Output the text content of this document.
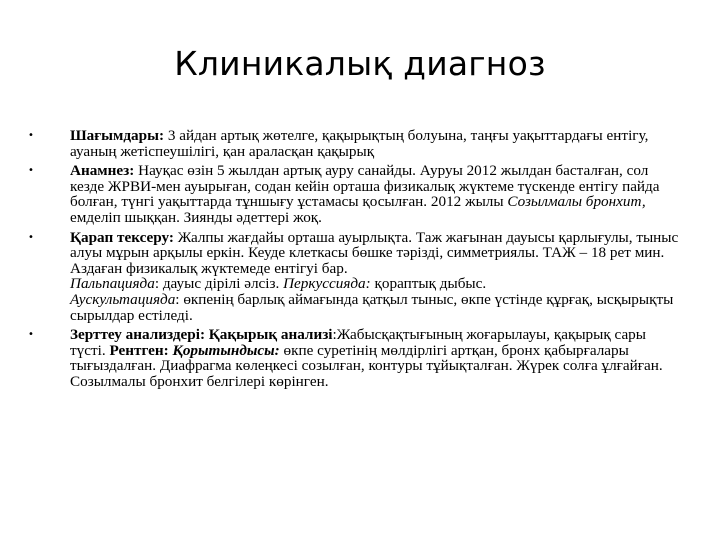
Клиникалық диагноз
• Шағымдары: 3 айдан артық жөтелге, қақырықтың болуына, таңғы уақыттардағы ентігу, ауаның жетіспеушілігі, қан араласқан қақырық
• Анамнез: Науқас өзін 5 жылдан артық ауру санайды. Ауруы 2012 жылдан басталған, сол кезде ЖРВИ-мен ауырыған, содан кейін орташа физикалық жүктеме түскенде ентігу пайда болған, түнгі уақыттарда тұншығу ұстамасы қосылған. 2012 жылы Созылмалы бронхит, емделіп шыққан. Зиянды әдеттері жоқ.
• Қарап тексеру: Жалпы жағдайы орташа ауырлықта. Таж жағынан дауысы қарлығулы, тыныс алуы мұрын арқылы еркін. Кеуде клеткасы бөшке тәрізді, симметриялы. ТАЖ – 18 рет мин. Аздаған физикалық жүктемеде ентігуі бар.
Пальпацияда: дауыс дірілі әлсіз. Перкуссияда: қораптық дыбыс.
Аускультацияда: өкпенің барлық аймағында қатқыл тыныс, өкпе үстінде құрғақ, ысқырықты сырылдар естіледі.
• Зерттеу анализдері: Қақырық анализі:Жабысқақтығының жоғарылауы, қақырық сары түсті. Рентген: Қорытындысы: өкпе суретінің мөлдірлігі артқан, бронх қабырғалары тығыздалған. Диафрагма көлеңкесі созылған, контуры тұйықталған. Жүрек солға ұлғайған. Созылмалы бронхит белгілері көрінген.
